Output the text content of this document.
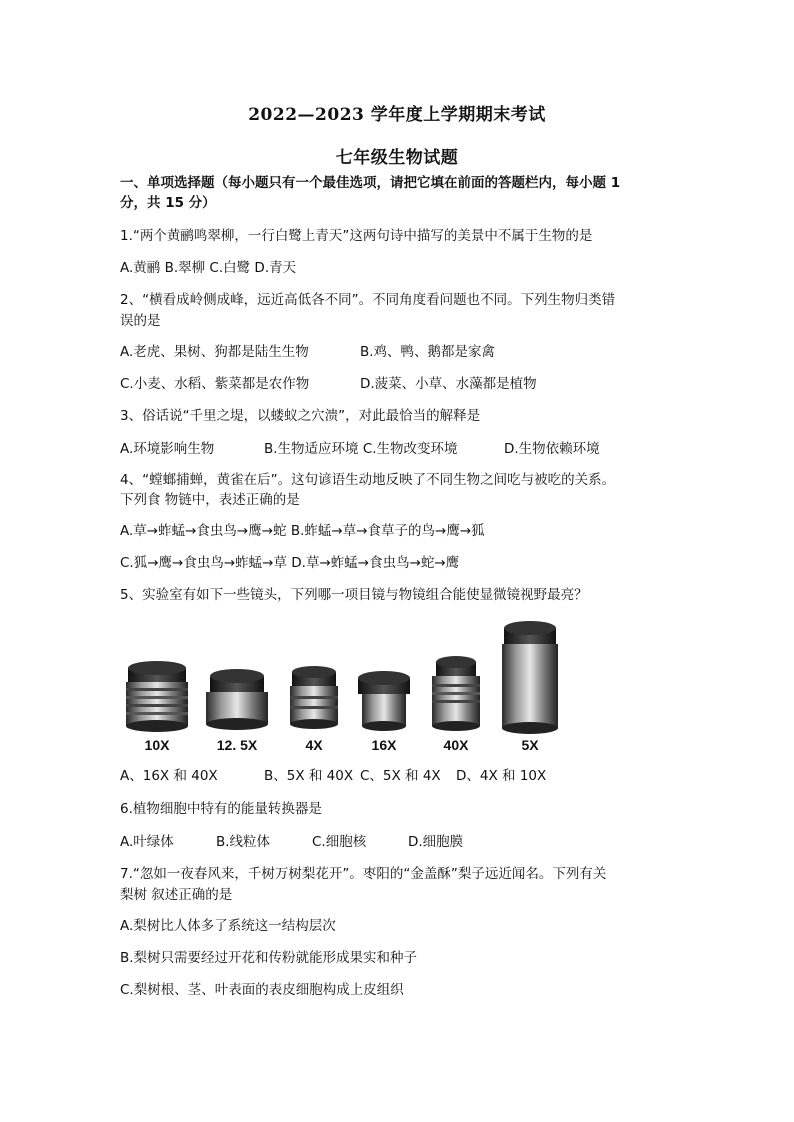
2022—2023 学年度上学期期末考试
七年级生物试题
一、单项选择题（每小题只有一个最佳选项，请把它填在前面的答题栏内，每小题 1
分，共 15 分）
1.“两个黄鹂鸣翠柳，一行白鹭上青天”这两句诗中描写的美景中不属于生物的是
A.黄鹂 B.翠柳 C.白鹭 D.青天
2、“横看成岭侧成峰，远近高低各不同”。不同角度看问题也不同。下列生物归类错
误的是
A.老虎、果树、狗都是陆生生物	B.鸡、鸭、鹅都是家禽
C.小麦、水稻、紫菜都是农作物	D.菠菜、小草、水藻都是植物
3、俗话说“千里之堤，以蝼蚁之穴溃”，对此最恰当的解释是
A.环境影响生物	B.生物适应环境 C.生物改变环境	D.生物依赖环境
4、“螳螂捕蝉，黄雀在后”。这句谚语生动地反映了不同生物之间吃与被吃的关系。
下列食 物链中，表述正确的是
A.草→蚱蜢→食虫鸟→鹰→蛇 B.蚱蜢→草→食草子的鸟→鹰→狐
C.狐→鹰→食虫鸟→蚱蜢→草 D.草→蚱蜢→食虫鸟→蛇→鹰
5、实验室有如下一些镜头，下列哪一项目镜与物镜组合能使显微镜视野最亮？
10X	12. 5X	4X	16X	40X	5X
A、16X 和 40X	B、5X 和 40X C、5X 和 4X D、4X 和 10X
6.植物细胞中特有的能量转换器是
A.叶绿体	B.线粒体	C.细胞核	D.细胞膜
7.“忽如一夜春风来，千树万树梨花开”。枣阳的“金盖酥”梨子远近闻名。下列有关
梨树 叙述正确的是
A.梨树比人体多了系统这一结构层次
B.梨树只需要经过开花和传粉就能形成果实和种子
C.梨树根、茎、叶表面的表皮细胞构成上皮组织
